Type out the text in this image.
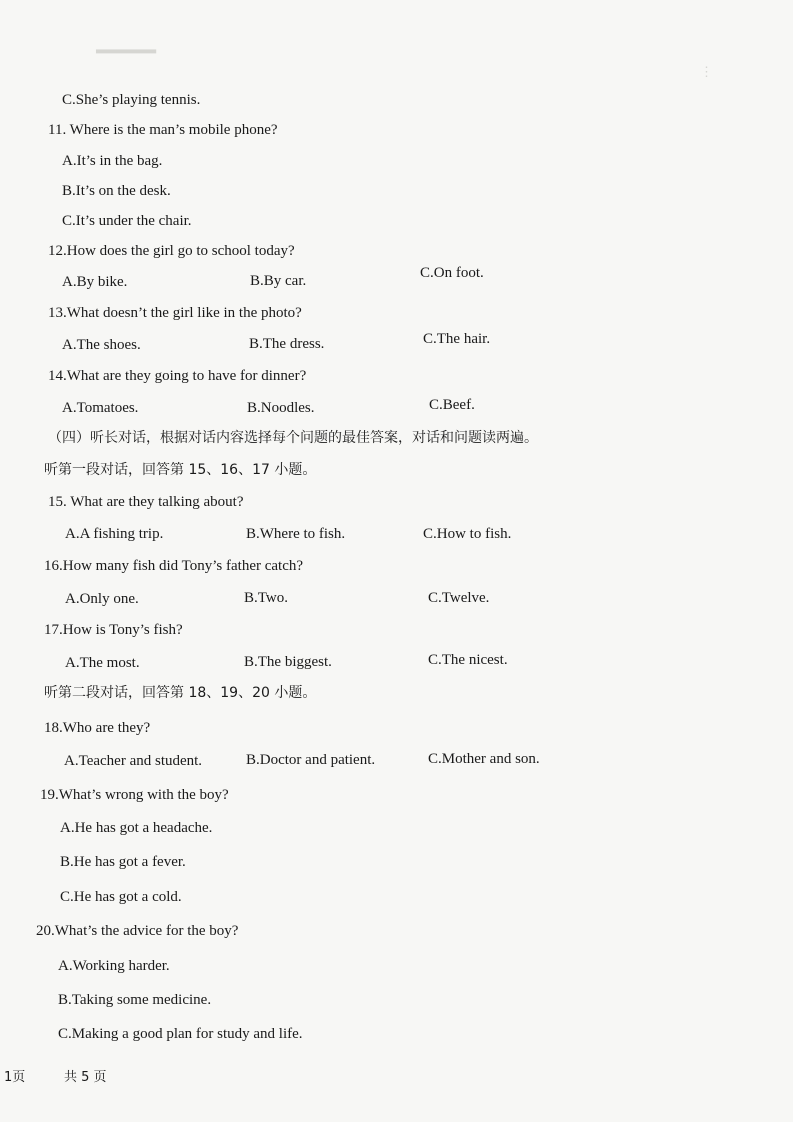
▂▂▂▂▂▂
⋮
C.She’s playing tennis.
11. Where is the man’s mobile phone?
A.It’s in the bag.
B.It’s on the desk.
C.It’s under the chair.
12.How does the girl go to school today?
A.By bike.	B.By car.	C.On foot.
13.What doesn’t the girl like in the photo?
A.The shoes.	B.The dress.	C.The hair.
14.What are they going to have for dinner?
A.Tomatoes.	B.Noodles.	C.Beef.
（四）听长对话，根据对话内容选择每个问题的最佳答案，对话和问题读两遍。
听第一段对话，回答第 15、16、17 小题。
15. What are they talking about?
A.A fishing trip.	B.Where to fish.	C.How to fish.
16.How many fish did Tony’s father catch?
A.Only one.	B.Two.	C.Twelve.
17.How is Tony’s fish?
A.The most.	B.The biggest.	C.The nicest.
听第二段对话，回答第 18、19、20 小题。
18.Who are they?
A.Teacher and student.	B.Doctor and patient.	C.Mother and son.
19.What’s wrong with the boy?
A.He has got a headache.
B.He has got a fever.
C.He has got a cold.
20.What’s the advice for the boy?
A.Working harder.
B.Taking some medicine.
C.Making a good plan for study and life.
1页	共 5 页
